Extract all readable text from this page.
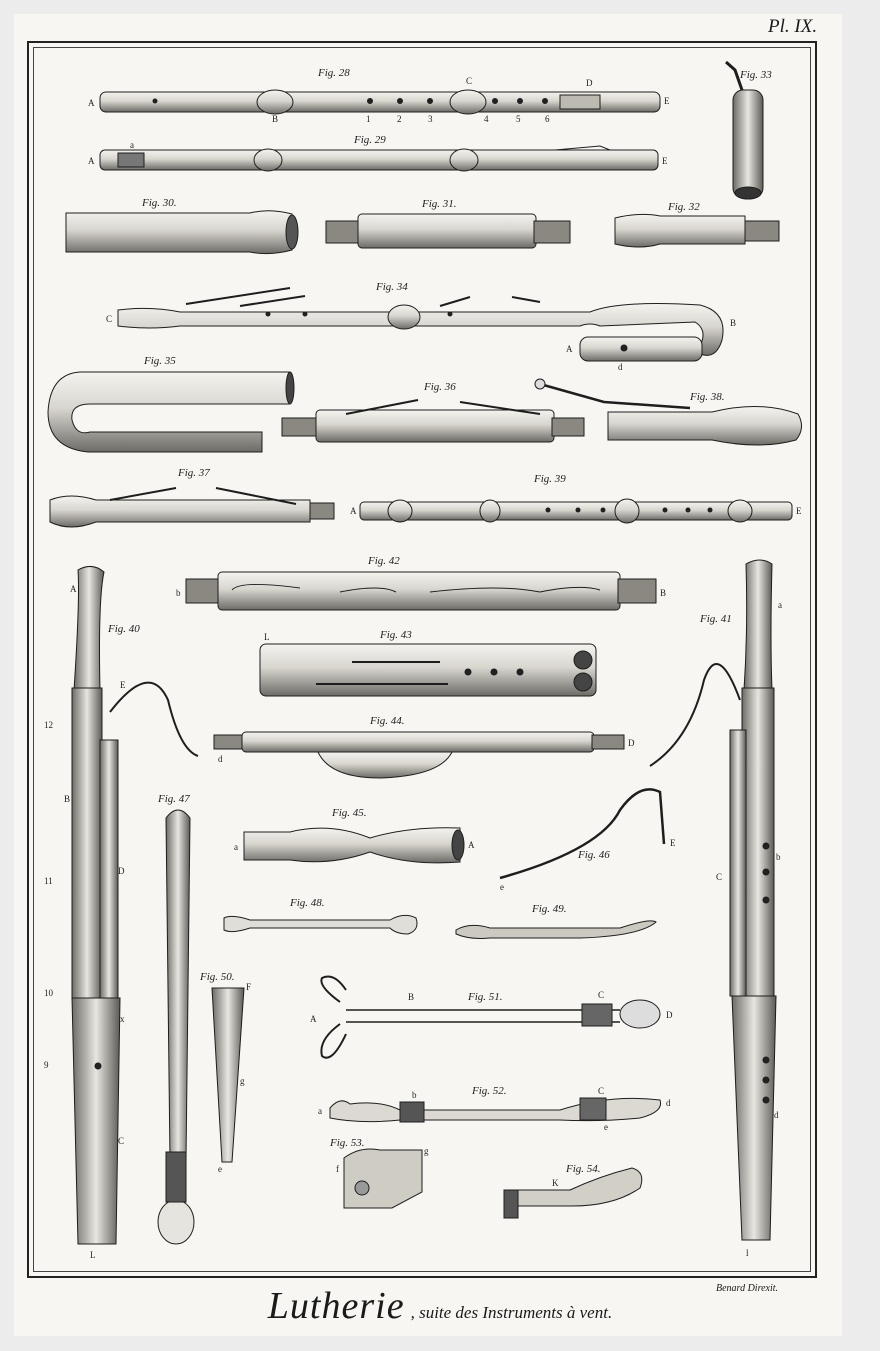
Pl. IX.
Fig. 28
Fig. 29
Fig. 30.	Fig. 31.	Fig. 32
Fig. 33
Fig. 34
Fig. 35
Fig. 36
Fig. 37
Fig. 38.
Fig. 39
Fig. 40
Fig. 41
Fig. 42
Fig. 43
Fig. 44.
Fig. 45.
Fig. 46
Fig. 47
Fig. 48.	Fig. 49.
Fig. 50.
Fig. 51.
Fig. 52.
Fig. 53.
Fig. 54.
A
B
C	D
E
1	2	3	4	5	6
A
a
E
C	B
A
d
A	E
b	B
L
d
D
a	A	E
e
A
E
B
D
C
L
x
12
11
10
9
a
b
C
d
l
F
g
e
A
B	C
D
a
b	C
d
e
f
g
K
Benard Direxit.
Lutherie , suite des Instruments à vent.
